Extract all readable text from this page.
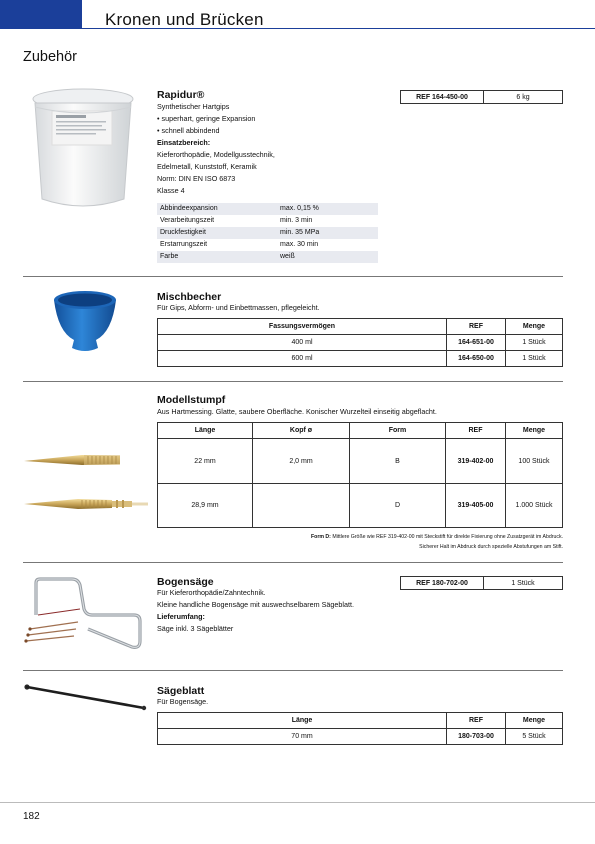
Kronen und Brücken
Zubehör
Rapidur®
Synthetischer Hartgips
• superhart, geringe Expansion
• schnell abbindend
Einsatzbereich:
Kieferorthopädie, Modellgusstechnik,
Edelmetall, Kunststoff, Keramik
Norm: DIN EN ISO 6873
Klasse 4
REF 164-450-00	6 kg
Abbindeexpansion	max. 0,15 %
Verarbeitungszeit	min. 3 min
Druckfestigkeit	min. 35 MPa
Erstarrungszeit	max. 30 min
Farbe	weiß
Mischbecher
Für Gips, Abform- und Einbettmassen, pflegeleicht.
Fassungsvermögen	REF	Menge
400 ml	164-651-00	1 Stück
600 ml	164-650-00	1 Stück
Modellstumpf
Aus Hartmessing. Glatte, saubere Oberfläche. Konischer Wurzelteil einseitig abgeflacht.
Länge	Kopf ø	Form	REF	Menge
22 mm	2,0 mm	B	319-402-00	100 Stück
28,9 mm		D	319-405-00	1.000 Stück
Form D: Mittlere Größe wie REF 319-402-00 mit Steckstift für direkte Fixierung ohne Zusatzgerät im Abdruck.
Sicherer Halt im Abdruck durch spezielle Abstufungen am Stift.
Bogensäge
Für Kieferorthopädie/Zahntechnik.
Kleine handliche Bogensäge mit auswechselbarem Sägeblatt.
Lieferumfang:
Säge inkl. 3 Sägeblätter
REF 180-702-00	1 Stück
Sägeblatt
Für Bogensäge.
Länge	REF	Menge
70 mm	180-703-00	5 Stück
182
